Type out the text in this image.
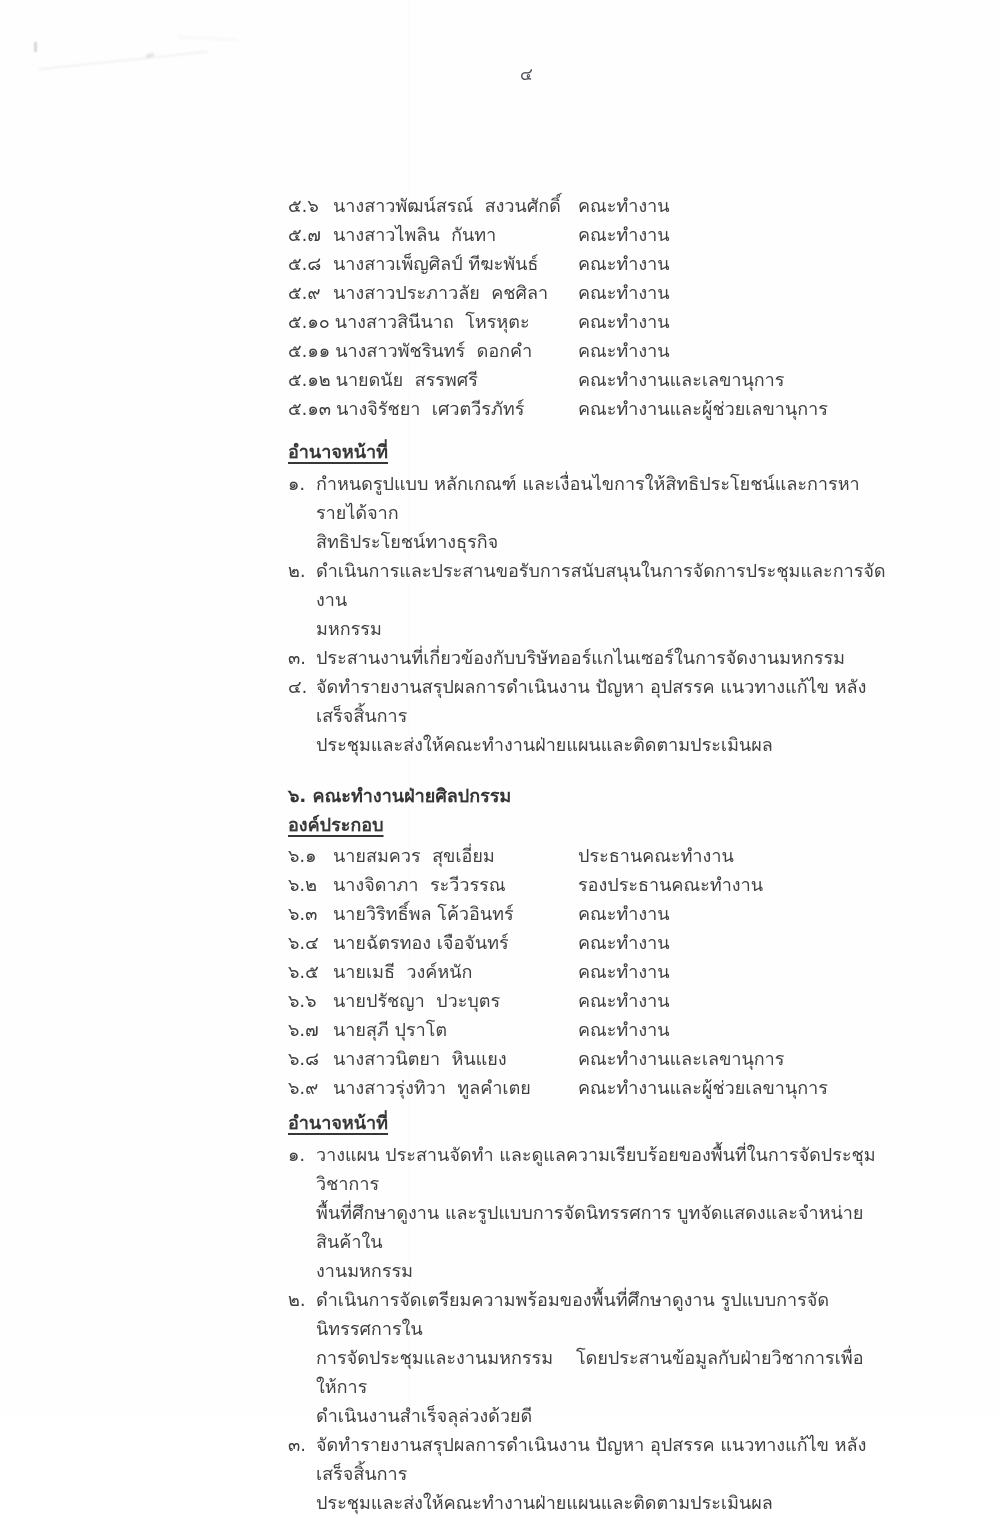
๔
๕.๖ นางสาวพัฒน์สรณ์  สงวนศักดิ์ คณะทำงาน
๕.๗ นางสาวไพลิน  กันทา	คณะทำงาน
๕.๘ นางสาวเพ็ญศิลป์ ทีฆะพันธ์ คณะทำงาน
๕.๙ นางสาวประภาวลัย  คชศิลา คณะทำงาน
๕.๑๐ นางสาวสินีนาถ  โหรหุตะ	คณะทำงาน
๕.๑๑ นางสาวพัชรินทร์  ดอกคำ	คณะทำงาน
๕.๑๒ นายดนัย  สรรพศรี	คณะทำงานและเลขานุการ
๕.๑๓ นางจิรัชยา  เศวตวีรภัทร์	คณะทำงานและผู้ช่วยเลขานุการ
อำนาจหน้าที่
๑. กำหนดรูปแบบ หลักเกณฑ์ และเงื่อนไขการให้สิทธิประโยชน์และการหารายได้จาก
สิทธิประโยชน์ทางธุรกิจ
๒. ดำเนินการและประสานขอรับการสนับสนุนในการจัดการประชุมและการจัดงาน
มหกรรม
๓. ประสานงานที่เกี่ยวข้องกับบริษัทออร์แกไนเซอร์ในการจัดงานมหกรรม
๔. จัดทำรายงานสรุปผลการดำเนินงาน ปัญหา อุปสรรค แนวทางแก้ไข หลังเสร็จสิ้นการ
ประชุมและส่งให้คณะทำงานฝ่ายแผนและติดตามประเมินผล
๖. คณะทำงานฝ่ายศิลปกรรม
องค์ประกอบ
๖.๑ นายสมควร  สุขเอี่ยม	ประธานคณะทำงาน
๖.๒ นางจิดาภา  ระวีวรรณ	รองประธานคณะทำงาน
๖.๓ นายวิริทธิ์พล โค้วอินทร์	คณะทำงาน
๖.๔ นายฉัตรทอง เจือจันทร์	คณะทำงาน
๖.๕ นายเมธี  วงค์หนัก	คณะทำงาน
๖.๖ นายปรัชญา  ปวะบุตร	คณะทำงาน
๖.๗ นายสุภี ปุราโต	คณะทำงาน
๖.๘ นางสาวนิตยา  หินแยง	คณะทำงานและเลขานุการ
๖.๙ นางสาวรุ่งทิวา  ทูลคำเตย	คณะทำงานและผู้ช่วยเลขานุการ
อำนาจหน้าที่
๑. วางแผน ประสานจัดทำ และดูแลความเรียบร้อยของพื้นที่ในการจัดประชุมวิชาการ
พื้นที่ศึกษาดูงาน และรูปแบบการจัดนิทรรศการ บูทจัดแสดงและจำหน่ายสินค้าใน
งานมหกรรม
๒. ดำเนินการจัดเตรียมความพร้อมของพื้นที่ศึกษาดูงาน รูปแบบการจัดนิทรรศการใน
การจัดประชุมและงานมหกรรม    โดยประสานข้อมูลกับฝ่ายวิชาการเพื่อให้การ
ดำเนินงานสำเร็จลุล่วงด้วยดี
๓. จัดทำรายงานสรุปผลการดำเนินงาน ปัญหา อุปสรรค แนวทางแก้ไข หลังเสร็จสิ้นการ
ประชุมและส่งให้คณะทำงานฝ่ายแผนและติดตามประเมินผล
